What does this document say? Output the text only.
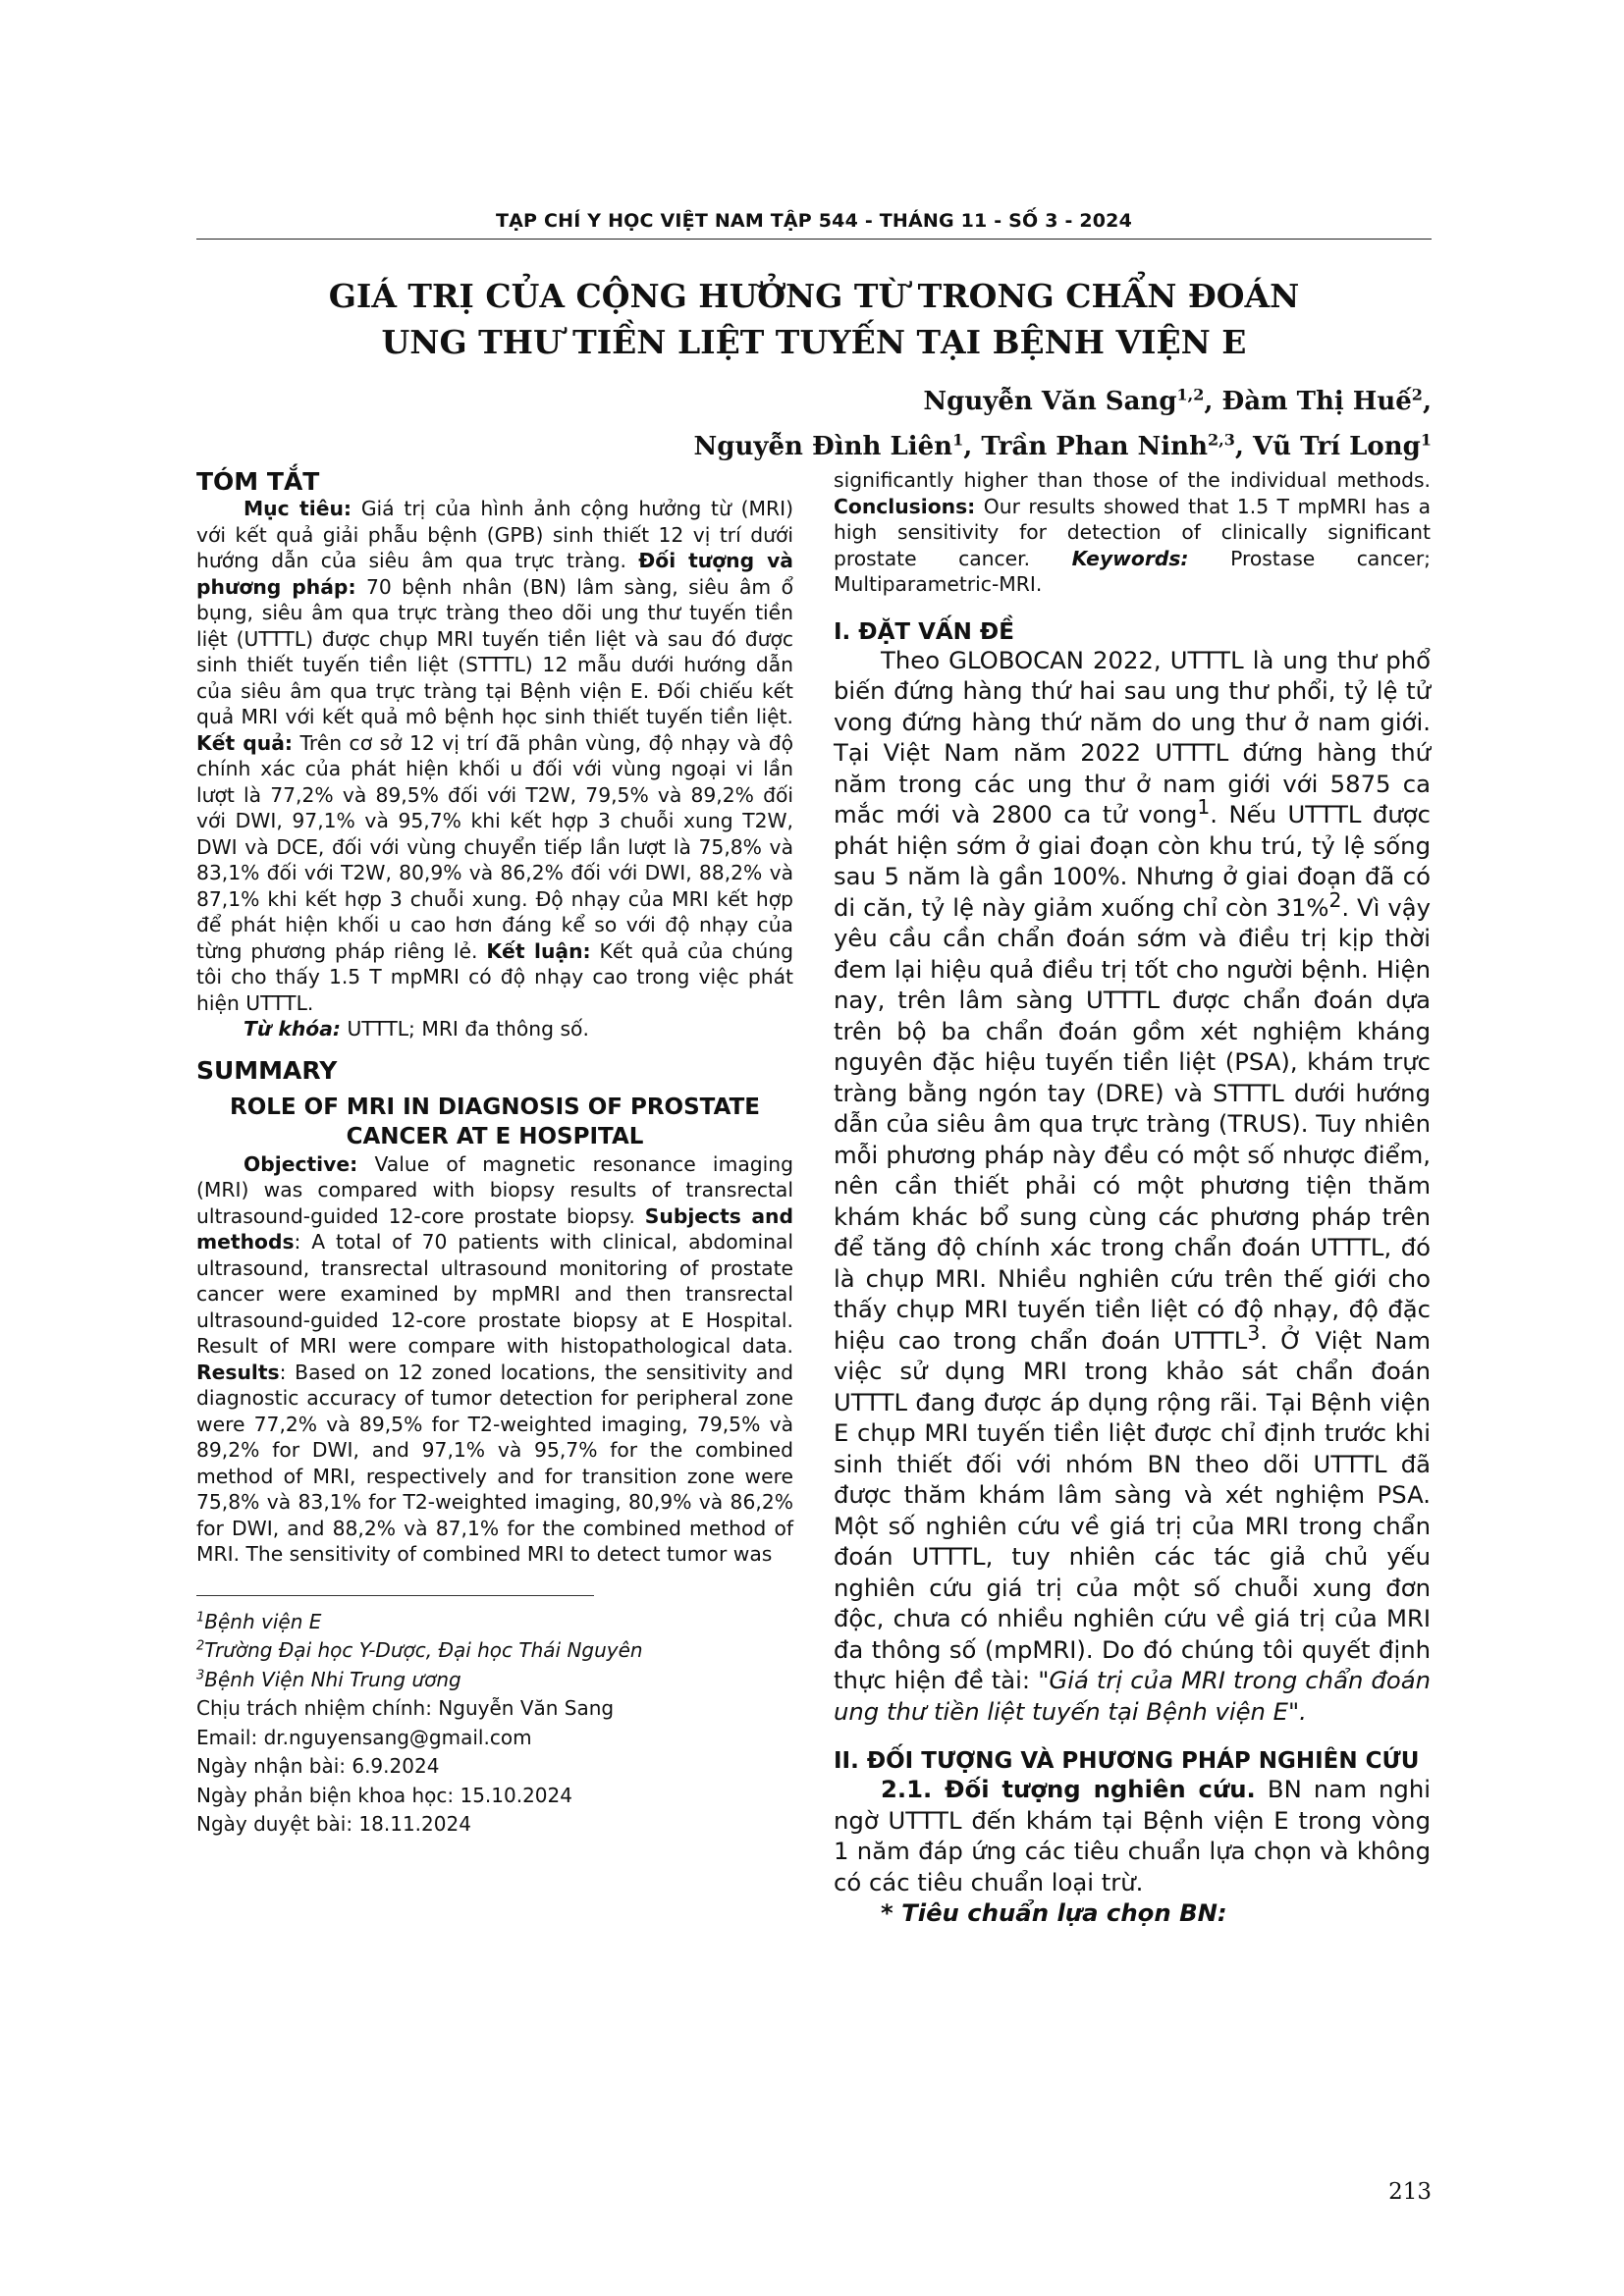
TẠP CHÍ Y HỌC VIỆT NAM TẬP 544 - THÁNG 11 - SỐ 3 - 2024
GIÁ TRỊ CỦA CỘNG HƯỞNG TỪ TRONG CHẨN ĐOÁN
UNG THƯ TIỀN LIỆT TUYẾN TẠI BỆNH VIỆN E
Nguyễn Văn Sang$^{1,2}$, Đàm Thị Huế$^2$,
Nguyễn Đình Liên$^1$, Trần Phan Ninh$^{2,3}$, Vũ Trí Long$^1$
TÓM TẮT

Mục tiêu: Giá trị của hình ảnh cộng hưởng từ (MRI) với kết quả giải phẫu bệnh (GPB) sinh thiết 12 vị trí dưới hướng dẫn của siêu âm qua trực tràng. Đối tượng và phương pháp: 70 bệnh nhân (BN) lâm sàng, siêu âm ổ bụng, siêu âm qua trực tràng theo dõi ung thư tuyến tiền liệt (UTTTL) được chụp MRI tuyến tiền liệt và sau đó được sinh thiết tuyến tiền liệt (STTTL) 12 mẫu dưới hướng dẫn của siêu âm qua trực tràng tại Bệnh viện E. Đối chiếu kết quả MRI với kết quả mô bệnh học sinh thiết tuyến tiền liệt. Kết quả: Trên cơ sở 12 vị trí đã phân vùng, độ nhạy và độ chính xác của phát hiện khối u đối với vùng ngoại vi lần lượt là 77,2% và 89,5% đối với T2W, 79,5% và 89,2% đối với DWI, 97,1% và 95,7% khi kết hợp 3 chuỗi xung T2W, DWI và DCE, đối với vùng chuyển tiếp lần lượt là 75,8% và 83,1% đối với T2W, 80,9% và 86,2% đối với DWI, 88,2% và 87,1% khi kết hợp 3 chuỗi xung. Độ nhạy của MRI kết hợp để phát hiện khối u cao hơn đáng kể so với độ nhạy của từng phương pháp riêng lẻ. Kết luận: Kết quả của chúng tôi cho thấy 1.5 T mpMRI có độ nhạy cao trong việc phát hiện UTTTL.

Từ khóa: UTTTL; MRI đa thông số.

SUMMARY

ROLE OF MRI IN DIAGNOSIS OF PROSTATE
CANCER AT E HOSPITAL

Objective: Value of magnetic resonance imaging (MRI) was compared with biopsy results of transrectal ultrasound-guided 12-core prostate biopsy. Subjects and methods: A total of 70 patients with clinical, abdominal ultrasound, transrectal ultrasound monitoring of prostate cancer were examined by mpMRI and then transrectal ultrasound-guided 12-core prostate biopsy at E Hospital. Result of MRI were compare with histopathological data. Results: Based on 12 zoned locations, the sensitivity and diagnostic accuracy of tumor detection for peripheral zone were 77,2% và 89,5% for T2-weighted imaging, 79,5% và 89,2% for DWI, and 97,1% và 95,7% for the combined method of MRI, respectively and for transition zone were 75,8% và 83,1% for T2-weighted imaging, 80,9% và 86,2% for DWI, and 88,2% và 87,1% for the combined method of MRI. The sensitivity of combined MRI to detect tumor was

$^1$Bệnh viện E

$^2$Trường Đại học Y-Dược, Đại học Thái Nguyên

$^3$Bệnh Viện Nhi Trung ương

Chịu trách nhiệm chính: Nguyễn Văn Sang

Email: dr.nguyensang@gmail.com

Ngày nhận bài: 6.9.2024

Ngày phản biện khoa học: 15.10.2024

Ngày duyệt bài: 18.11.2024

significantly higher than those of the individual methods. Conclusions: Our results showed that 1.5 T mpMRI has a high sensitivity for detection of clinically significant prostate cancer. Keywords: Prostase cancer; Multiparametric-MRI.

I. ĐẶT VẤN ĐỀ

Theo GLOBOCAN 2022, UTTTL là ung thư phổ biến đứng hàng thứ hai sau ung thư phổi, tỷ lệ tử vong đứng hàng thứ năm do ung thư ở nam giới. Tại Việt Nam năm 2022 UTTTL đứng hàng thứ năm trong các ung thư ở nam giới với 5875 ca mắc mới và 2800 ca tử vong$^1$. Nếu UTTTL được phát hiện sớm ở giai đoạn còn khu trú, tỷ lệ sống sau 5 năm là gần 100%. Nhưng ở giai đoạn đã có di căn, tỷ lệ này giảm xuống chỉ còn 31%$^2$. Vì vậy yêu cầu cần chẩn đoán sớm và điều trị kịp thời đem lại hiệu quả điều trị tốt cho người bệnh. Hiện nay, trên lâm sàng UTTTL được chẩn đoán dựa trên bộ ba chẩn đoán gồm xét nghiệm kháng nguyên đặc hiệu tuyến tiền liệt (PSA), khám trực tràng bằng ngón tay (DRE) và STTTL dưới hướng dẫn của siêu âm qua trực tràng (TRUS). Tuy nhiên mỗi phương pháp này đều có một số nhược điểm, nên cần thiết phải có một phương tiện thăm khám khác bổ sung cùng các phương pháp trên để tăng độ chính xác trong chẩn đoán UTTTL, đó là chụp MRI. Nhiều nghiên cứu trên thế giới cho thấy chụp MRI tuyến tiền liệt có độ nhạy, độ đặc hiệu cao trong chẩn đoán UTTTL$^3$. Ở Việt Nam việc sử dụng MRI trong khảo sát chẩn đoán UTTTL đang được áp dụng rộng rãi. Tại Bệnh viện E chụp MRI tuyến tiền liệt được chỉ định trước khi sinh thiết đối với nhóm BN theo dõi UTTTL đã được thăm khám lâm sàng và xét nghiệm PSA. Một số nghiên cứu về giá trị của MRI trong chẩn đoán UTTTL, tuy nhiên các tác giả chủ yếu nghiên cứu giá trị của một số chuỗi xung đơn độc, chưa có nhiều nghiên cứu về giá trị của MRI đa thông số (mpMRI). Do đó chúng tôi quyết định thực hiện đề tài: "Giá trị của MRI trong chẩn đoán ung thư tiền liệt tuyến tại Bệnh viện E".

II. ĐỐI TƯỢNG VÀ PHƯƠNG PHÁP NGHIÊN CỨU

2.1. Đối tượng nghiên cứu. BN nam nghi ngờ UTTTL đến khám tại Bệnh viện E trong vòng 1 năm đáp ứng các tiêu chuẩn lựa chọn và không có các tiêu chuẩn loại trừ.

* Tiêu chuẩn lựa chọn BN:

213
